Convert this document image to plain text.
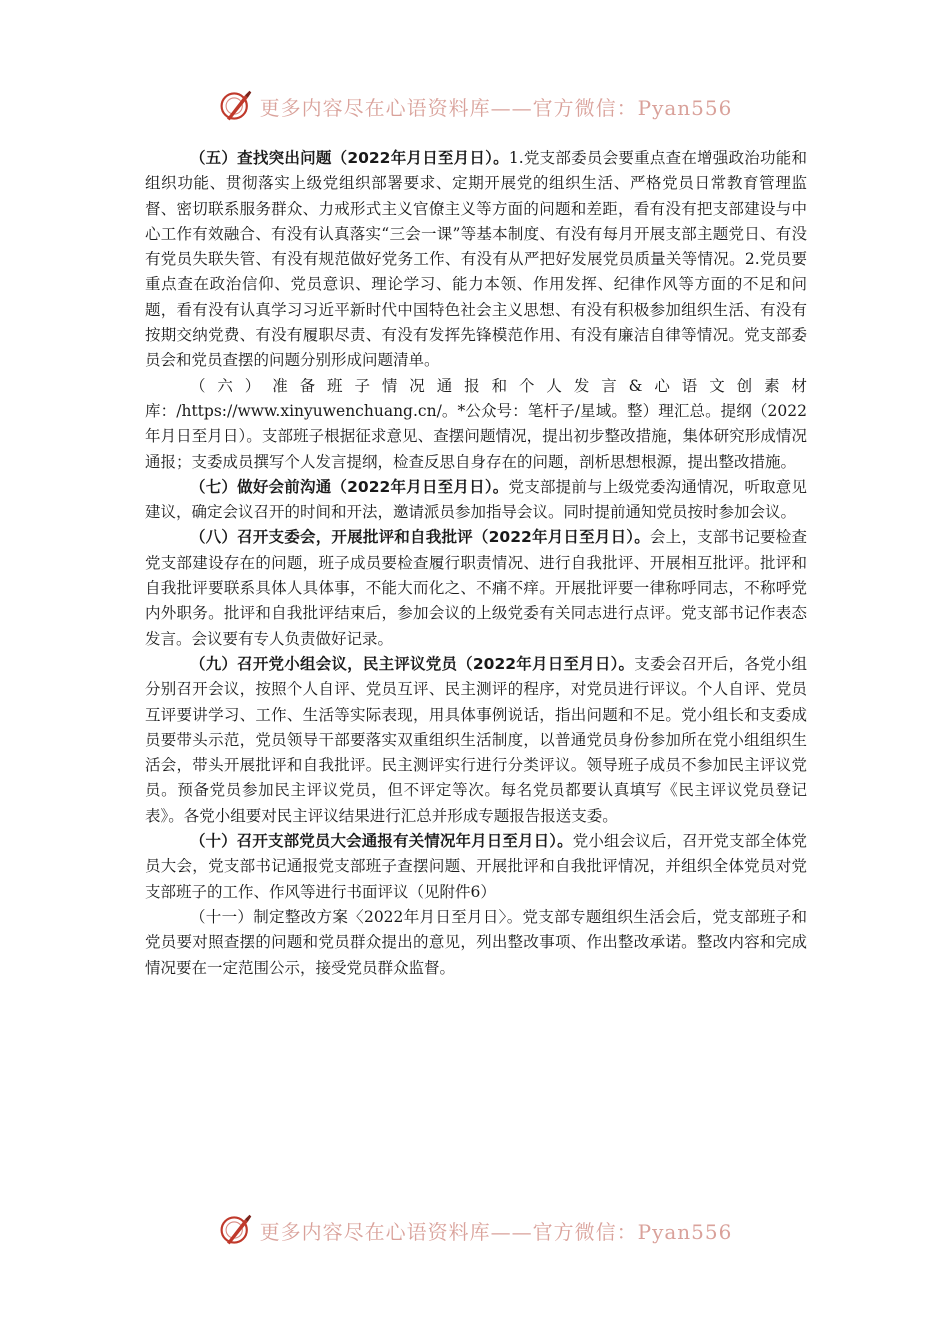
更多内容尽在心语资料库——官方微信：Pyan556

（五）查找突出问题（2022年月日至月日）。1.党支部委员会要重点查在增强政治功能和组织功能、贯彻落实上级党组织部署要求、定期开展党的组织生活、严格党员日常教育管理监督、密切联系服务群众、力戒形式主义官僚主义等方面的问题和差距，看有没有把支部建设与中心工作有效融合、有没有认真落实“三会一课”等基本制度、有没有每月开展支部主题党日、有没有党员失联失管、有没有规范做好党务工作、有没有从严把好发展党员质量关等情况。2.党员要重点查在政治信仰、党员意识、理论学习、能力本领、作用发挥、纪律作风等方面的不足和问题，看有没有认真学习习近平新时代中国特色社会主义思想、有没有积极参加组织生活、有没有按期交纳党费、有没有履职尽责、有没有发挥先锋模范作用、有没有廉洁自律等情况。党支部委员会和党员查摆的问题分别形成问题清单。

（六）准备班子情况通报和个人发言&心语文创素材库：/https://www.xinyuwenchuang.cn/。*公众号：笔杆子/星域。整）理汇总。提纲（2022年月日至月日）。支部班子根据征求意见、查摆问题情况，提出初步整改措施，集体研究形成情况通报；支委成员撰写个人发言提纲，检查反思自身存在的问题，剖析思想根源，提出整改措施。

（七）做好会前沟通（2022年月日至月日）。党支部提前与上级党委沟通情况，听取意见建议，确定会议召开的时间和开法，邀请派员参加指导会议。同时提前通知党员按时参加会议。

（八）召开支委会，开展批评和自我批评（2022年月日至月日）。会上，支部书记要检查党支部建设存在的问题，班子成员要检查履行职责情况、进行自我批评、开展相互批评。批评和自我批评要联系具体人具体事，不能大而化之、不痛不痒。开展批评要一律称呼同志，不称呼党内外职务。批评和自我批评结束后，参加会议的上级党委有关同志进行点评。党支部书记作表态发言。会议要有专人负责做好记录。

（九）召开党小组会议，民主评议党员（2022年月日至月日）。支委会召开后，各党小组分别召开会议，按照个人自评、党员互评、民主测评的程序，对党员进行评议。个人自评、党员互评要讲学习、工作、生活等实际表现，用具体事例说话，指出问题和不足。党小组长和支委成员要带头示范，党员领导干部要落实双重组织生活制度，以普通党员身份参加所在党小组组织生活会，带头开展批评和自我批评。民主测评实行进行分类评议。领导班子成员不参加民主评议党员。预备党员参加民主评议党员，但不评定等次。每名党员都要认真填写《民主评议党员登记表》。各党小组要对民主评议结果进行汇总并形成专题报告报送支委。

（十）召开支部党员大会通报有关情况年月日至月日）。党小组会议后，召开党支部全体党员大会，党支部书记通报党支部班子查摆问题、开展批评和自我批评情况，并组织全体党员对党支部班子的工作、作风等进行书面评议（见附件6）

（十一）制定整改方案〈2022年月日至月日〉。党支部专题组织生活会后，党支部班子和党员要对照查摆的问题和党员群众提出的意见，列出整改事项、作出整改承诺。整改内容和完成情况要在一定范围公示，接受党员群众监督。

更多内容尽在心语资料库——官方微信：Pyan556
